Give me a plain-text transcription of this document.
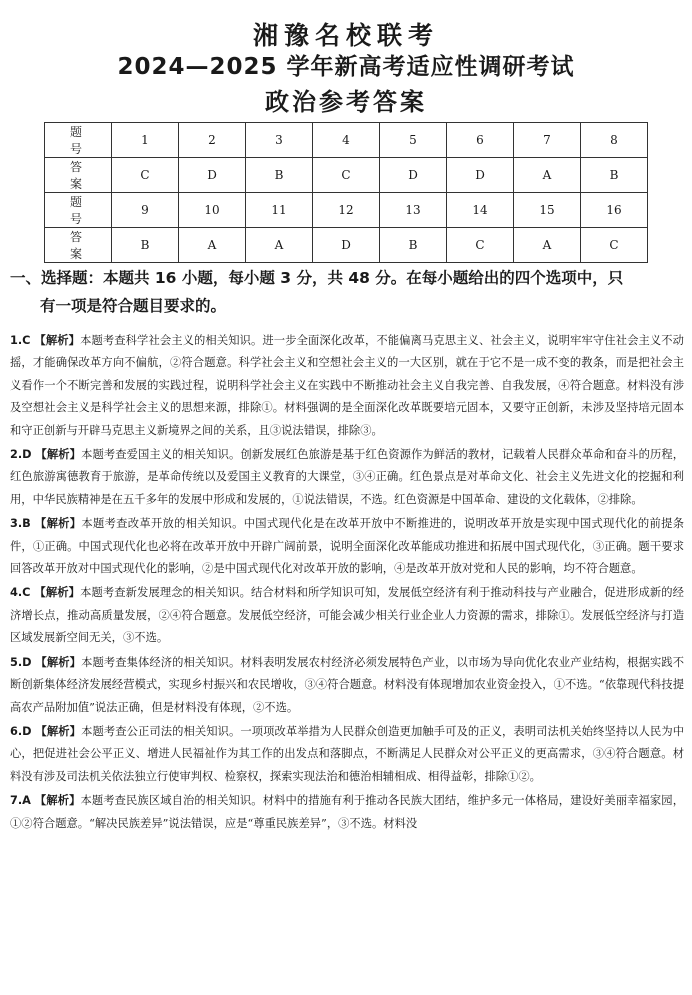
湘豫名校联考
2024—2025 学年新高考适应性调研考试
政治参考答案
题 号	1	2	3	4	5	6	7	8
答 案	C	D	B	C	D	D	A	B
题 号	9	10	11	12	13	14	15	16
答 案	B	A	A	D	B	C	A	C
一、选择题：本题共 16 小题，每小题 3 分，共 48 分。在每小题给出的四个选项中，只
有一项是符合题目要求的。
1.C 【解析】本题考查科学社会主义的相关知识。进一步全面深化改革，不能偏离马克思主义、社会主义，说明牢牢守住社会主义不动摇，才能确保改革方向不偏航，②符合题意。科学社会主义和空想社会主义的一大区别，就在于它不是一成不变的教条，而是把社会主义看作一个不断完善和发展的实践过程，说明科学社会主义在实践中不断推动社会主义自我完善、自我发展，④符合题意。材料没有涉及空想社会主义是科学社会主义的思想来源，排除①。材料强调的是全面深化改革既要培元固本，又要守正创新，未涉及坚持培元固本和守正创新与开辟马克思主义新境界之间的关系，且③说法错误，排除③。
2.D 【解析】本题考查爱国主义的相关知识。创新发展红色旅游是基于红色资源作为鲜活的教材，记载着人民群众革命和奋斗的历程，红色旅游寓德教育于旅游，是革命传统以及爱国主义教育的大课堂，③④正确。红色景点是对革命文化、社会主义先进文化的挖掘和利用，中华民族精神是在五千多年的发展中形成和发展的，①说法错误，不选。红色资源是中国革命、建设的文化载体，②排除。
3.B 【解析】本题考查改革开放的相关知识。中国式现代化是在改革开放中不断推进的，说明改革开放是实现中国式现代化的前提条件，①正确。中国式现代化也必将在改革开放中开辟广阔前景，说明全面深化改革能成功推进和拓展中国式现代化，③正确。题干要求回答改革开放对中国式现代化的影响，②是中国式现代化对改革开放的影响，④是改革开放对党和人民的影响，均不符合题意。
4.C 【解析】本题考查新发展理念的相关知识。结合材料和所学知识可知，发展低空经济有利于推动科技与产业融合，促进形成新的经济增长点，推动高质量发展，②④符合题意。发展低空经济，可能会减少相关行业企业人力资源的需求，排除①。发展低空经济与打造区域发展新空间无关，③不选。
5.D 【解析】本题考查集体经济的相关知识。材料表明发展农村经济必须发展特色产业，以市场为导向优化农业产业结构，根据实践不断创新集体经济发展经营模式，实现乡村振兴和农民增收，③④符合题意。材料没有体现增加农业资金投入，①不选。“依靠现代科技提高农产品附加值”说法正确，但是材料没有体现，②不选。
6.D 【解析】本题考查公正司法的相关知识。一项项改革举措为人民群众创造更加触手可及的正义，表明司法机关始终坚持以人民为中心，把促进社会公平正义、增进人民福祉作为其工作的出发点和落脚点，不断满足人民群众对公平正义的更高需求，③④符合题意。材料没有涉及司法机关依法独立行使审判权、检察权，探索实现法治和德治相辅相成、相得益彰，排除①②。
7.A 【解析】本题考查民族区域自治的相关知识。材料中的措施有利于推动各民族大团结，维护多元一体格局，建设好美丽幸福家园，①②符合题意。“解决民族差异”说法错误，应是“尊重民族差异”，③不选。材料没
